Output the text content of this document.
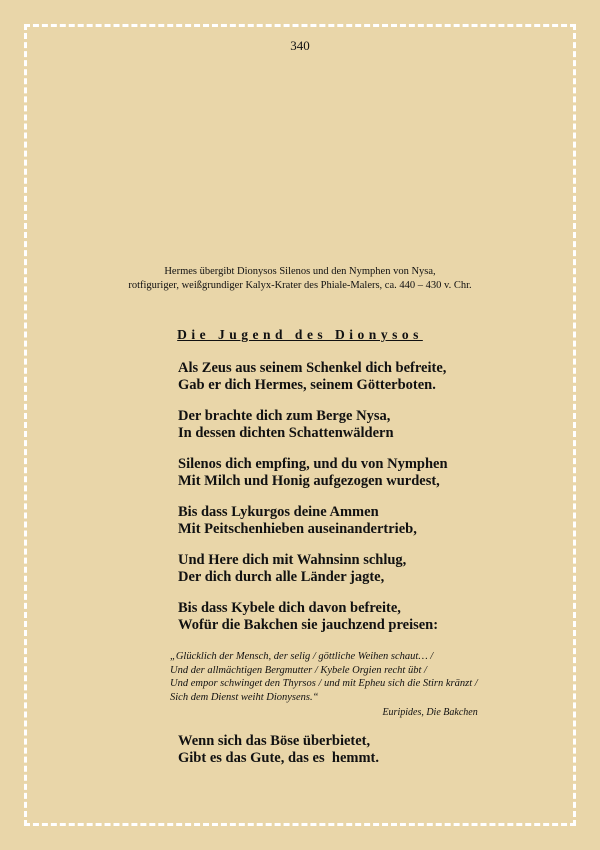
340
Hermes übergibt Dionysos Silenos und den Nymphen von Nysa,
rotfiguriger, weißgrundiger Kalyx-Krater des Phiale-Malers, ca. 440 – 430 v. Chr.
Die Jugend des Dionysos
Als Zeus aus seinem Schenkel dich befreite,
Gab er dich Hermes, seinem Götterboten.
Der brachte dich zum Berge Nysa,
In dessen dichten Schattenwäldern
Silenos dich empfing, und du von Nymphen
Mit Milch und Honig aufgezogen wurdest,
Bis dass Lykurgos deine Ammen
Mit Peitschenhieben auseinandertrieb,
Und Here dich mit Wahnsinn schlug,
Der dich durch alle Länder jagte,
Bis dass Kybele dich davon befreite,
Wofür die Bakchen sie jauchzend preisen:
„Glücklich der Mensch, der selig / göttliche Weihen schaut… /
Und der allmächtigen Bergmutter / Kybele Orgien recht übt /
Und empor schwinget den Thyrsos / und mit Epheu sich die Stirn kränzt /
Sich dem Dienst weiht Dionysens.“
Euripides, Die Bakchen
Wenn sich das Böse überbietet,
Gibt es das Gute, das es  hemmt.
